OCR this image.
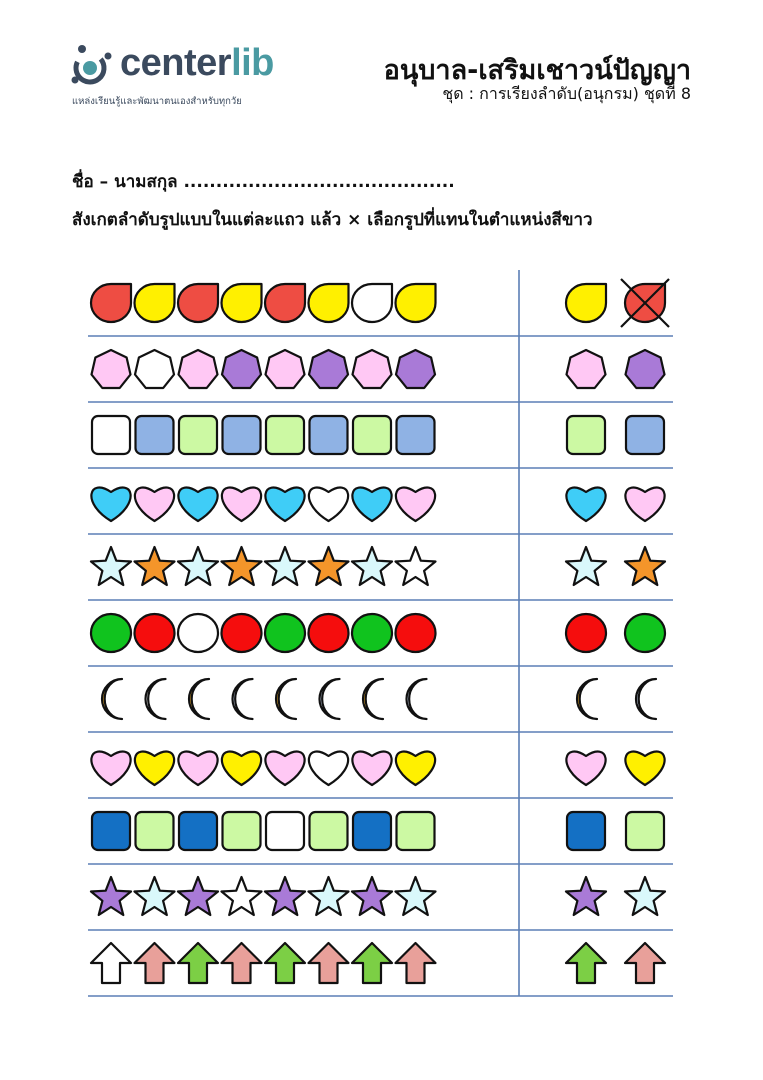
centerlib
แหล่งเรียนรู้และพัฒนาตนเองสำหรับทุกวัย
อนุบาล-เสริมเชาวน์ปัญญา
ชุด : การเรียงลำดับ(อนุกรม) ชุดที่ 8
ชื่อ – นามสกุล ..........................................
สังเกตลำดับรูปแบบในแต่ละแถว แล้ว × เลือกรูปที่แทนในตำแหน่งสีขาว
